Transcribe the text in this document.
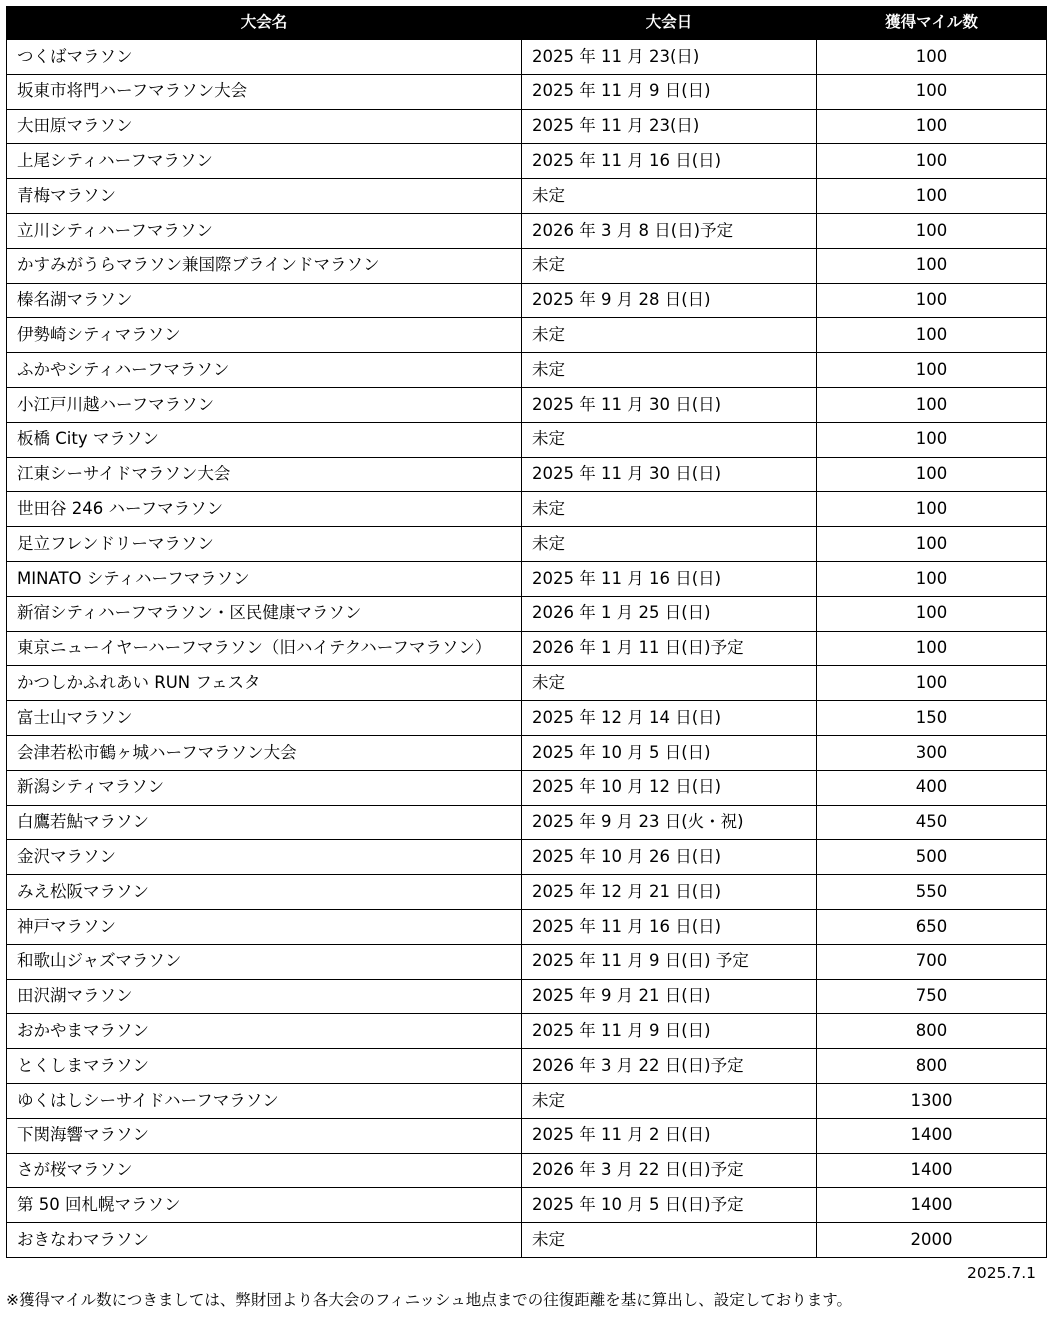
大会名	大会日	獲得マイル数
つくばマラソン	2025 年 11 月 23(日)	100
坂東市将門ハーフマラソン大会	2025 年 11 月 9 日(日)	100
大田原マラソン	2025 年 11 月 23(日)	100
上尾シティハーフマラソン	2025 年 11 月 16 日(日)	100
青梅マラソン	未定	100
立川シティハーフマラソン	2026 年 3 月 8 日(日)予定	100
かすみがうらマラソン兼国際ブラインドマラソン	未定	100
榛名湖マラソン	2025 年 9 月 28 日(日)	100
伊勢崎シティマラソン	未定	100
ふかやシティハーフマラソン	未定	100
小江戸川越ハーフマラソン	2025 年 11 月 30 日(日)	100
板橋 City マラソン	未定	100
江東シーサイドマラソン大会	2025 年 11 月 30 日(日)	100
世田谷 246 ハーフマラソン	未定	100
足立フレンドリーマラソン	未定	100
MINATO シティハーフマラソン	2025 年 11 月 16 日(日)	100
新宿シティハーフマラソン・区民健康マラソン	2026 年 1 月 25 日(日)	100
東京ニューイヤーハーフマラソン（旧ハイテクハーフマラソン）	2026 年 1 月 11 日(日)予定	100
かつしかふれあい RUN フェスタ	未定	100
富士山マラソン	2025 年 12 月 14 日(日)	150
会津若松市鶴ヶ城ハーフマラソン大会	2025 年 10 月 5 日(日)	300
新潟シティマラソン	2025 年 10 月 12 日(日)	400
白鷹若鮎マラソン	2025 年 9 月 23 日(火・祝)	450
金沢マラソン	2025 年 10 月 26 日(日)	500
みえ松阪マラソン	2025 年 12 月 21 日(日)	550
神戸マラソン	2025 年 11 月 16 日(日)	650
和歌山ジャズマラソン	2025 年 11 月 9 日(日) 予定	700
田沢湖マラソン	2025 年 9 月 21 日(日)	750
おかやまマラソン	2025 年 11 月 9 日(日)	800
とくしまマラソン	2026 年 3 月 22 日(日)予定	800
ゆくはしシーサイドハーフマラソン	未定	1300
下関海響マラソン	2025 年 11 月 2 日(日)	1400
さが桜マラソン	2026 年 3 月 22 日(日)予定	1400
第 50 回札幌マラソン	2025 年 10 月 5 日(日)予定	1400
おきなわマラソン	未定	2000
2025.7.1
※獲得マイル数につきましては、弊財団より各大会のフィニッシュ地点までの往復距離を基に算出し、設定しております。
